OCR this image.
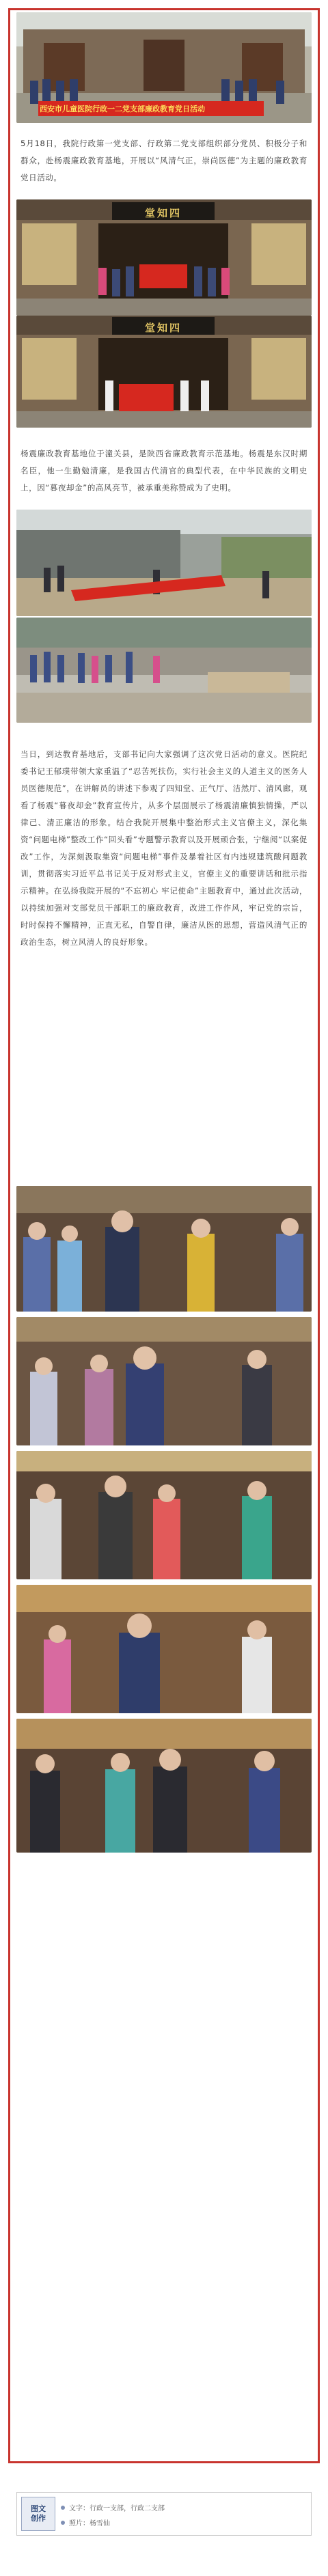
西安市儿童医院行政一二党支部廉政教育党日活动

5月18日，我院行政第一党支部、行政第二党支部组织部分党员、积极分子和群众，赴杨震廉政教育基地，开展以“风清气正，崇尚医德”为主题的廉政教育党日活动。

堂知四
堂知四

杨震廉政教育基地位于潼关县，是陕西省廉政教育示范基地。杨震是东汉时期名臣，他一生勤勉清廉，是我国古代清官的典型代表，在中华民族的文明史上，因“暮夜却金”的高风亮节，被承重美称赞成为了史明。

当日，到达教育基地后，支部书记向大家强调了这次党日活动的意义。医院纪委书记王郁璞带领大家重温了“忍苦死扶伤，实行社会主义的人道主义的医务人员医德规范”，在讲解员的讲述下参观了四知堂、正气厅、洁然厅、清风廊，观看了杨震“暮夜却金”教育宣传片，从多个层面展示了杨震清廉慎独情操，严以律己、清正廉洁的形象。结合我院开展集中整治形式主义官僚主义，深化集资“问题电梯”整改工作“回头看”专题警示教育以及开展顽合张，宁继阅“以案促改”工作，为深刻汲取集资“问题电梯”事件及暴着社区有内违规建筑酸问题教训，贯彻落实习近平总书记关于反对形式主义，官僚主义的重要讲话和批示指示精神。在弘扬我院开展的“不忘初心 牢记使命”主题教育中，通过此次活动，以持续加强对支部党员干部职工的廉政教育，改进工作作风，牢记党的宗旨，时时保持不懈精神，正直无私，自警自律，廉洁从医的思想，营造风清气正的政治生态，树立风清人的良好形象。

图文
创作
文字：行政一支部，行政二支部
照片：杨雪仙
